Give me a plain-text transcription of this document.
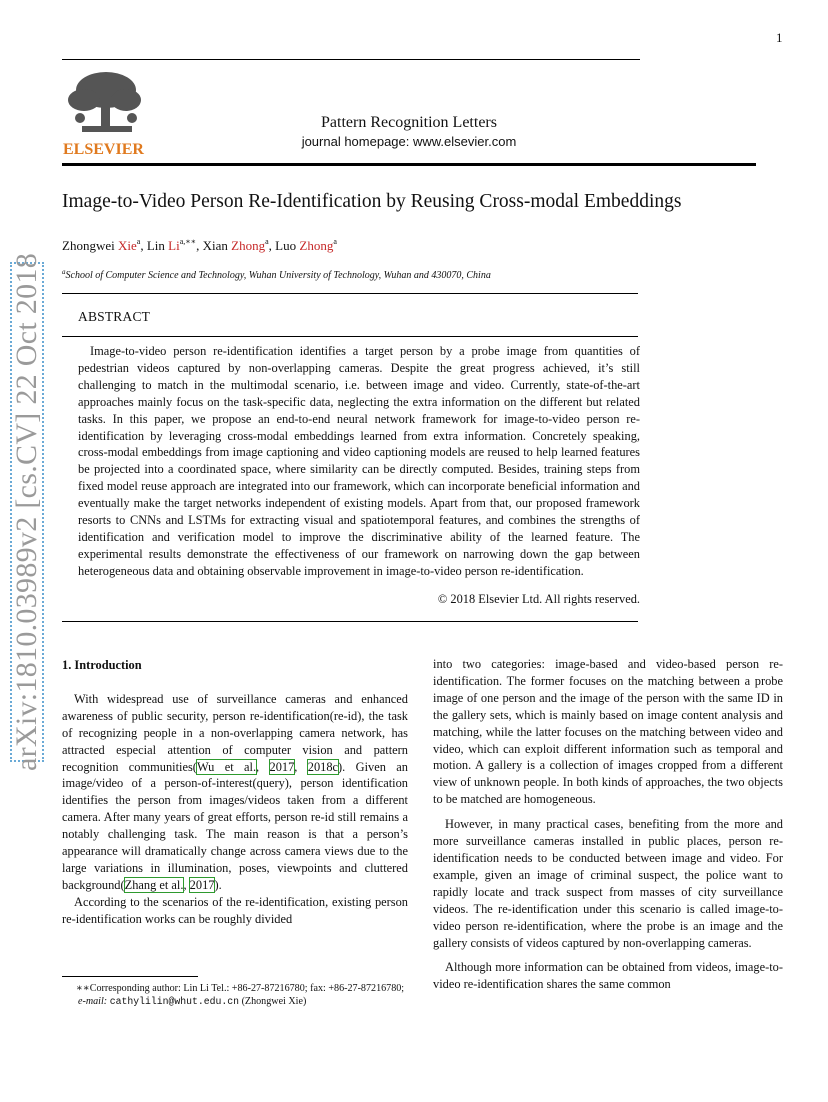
1
ELSEVIER
Pattern Recognition Letters
journal homepage: www.elsevier.com
Image-to-Video Person Re-Identification by Reusing Cross-modal Embeddings
Zhongwei Xie$^a$, Lin $Li^{a,∗∗}$, Xian Zhong$^a$, Luo Zhong$^a$
$^a$School of Computer Science and Technology, Wuhan University of Technology, Wuhan and 430070, China
ABSTRACT

Image-to-video person re-identification identifies a target person by a probe image from quantities of pedestrian videos captured by non-overlapping cameras. Despite the great progress achieved, it’s still challenging to match in the multimodal scenario, i.e. between image and video. Currently, state-of-the-art approaches mainly focus on the task-specific data, neglecting the extra information on the different but related tasks. In this paper, we propose an end-to-end neural network framework for image-to-video person re-identification by leveraging cross-modal embeddings learned from extra information. Concretely speaking, cross-modal embeddings from image captioning and video captioning models are reused to help learned features be projected into a coordinated space, where similarity can be directly computed. Besides, training steps from fixed model reuse approach are integrated into our framework, which can incorporate beneficial information and eventually make the target networks independent of existing models. Apart from that, our proposed framework resorts to CNNs and LSTMs for extracting visual and spatiotemporal features, and combines the strengths of identification and verification model to improve the discriminative ability of the learned feature. The experimental results demonstrate the effectiveness of our framework on narrowing down the gap between heterogeneous data and obtaining observable improvement in image-to-video person re-identification.

© 2018 Elsevier Ltd. All rights reserved.

1. Introduction

With widespread use of surveillance cameras and enhanced awareness of public security, person re-identification(re-id), the task of recognizing people in a non-overlapping camera network, has attracted especial attention of computer vision and pattern recognition communities(Wu et al., 2017, 2018c). Given an image/video of a person-of-interest(query), person identification identifies the person from images/videos taken from a different camera. After many years of great efforts, person re-id still remains a notably challenging task. The main reason is that a person’s appearance will dramatically change across camera views due to the large variations in illumination, poses, viewpoints and cluttered background(Zhang et al., 2017).

According to the scenarios of the re-identification, existing person re-identification works can be roughly divided

into two categories: image-based and video-based person re-identification. The former focuses on the matching between a probe image of one person and the image of the person with the same ID in the gallery sets, which is mainly based on image content analysis and matching, while the latter focuses on the matching between video and video, which can exploit different information such as temporal and motion. A gallery is a collection of images cropped from a different view of unknown people. In both kinds of approaches, the two objects to be matched are homogeneous.

However, in many practical cases, benefiting from the more and more surveillance cameras installed in public places, person re-identification needs to be conducted between image and video. For example, given an image of criminal suspect, the police want to rapidly locate and track suspect from masses of city surveillance videos. The re-identification under this scenario is called image-to-video person re-identification, where the probe is an image and the gallery consists of videos captured by non-overlapping cameras.

Although more information can be obtained from videos, image-to-video re-identification shares the same common

∗∗Corresponding author: Lin Li Tel.: +86-27-87216780; fax: +86-27-87216780;
e-mail: cathylilin@whut.edu.cn (Zhongwei Xie)
arXiv:1810.03989v2 [cs.CV] 22 Oct 2018
